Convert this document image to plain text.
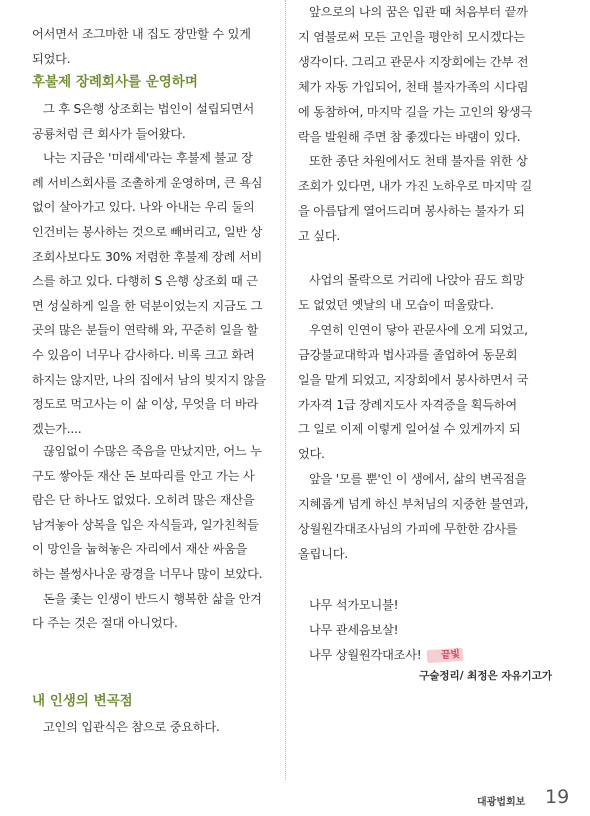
어서면서 조그마한 내 집도 장만할 수 있게

되었다.

후불제 장례회사를 운영하며

그 후 S은행 상조회는 법인이 설립되면서

공룡처럼 큰 회사가 들어왔다.

나는 지금은 '미래세'라는 후불제 불교 장

례 서비스회사를 조촐하게 운영하며, 큰 욕심

없이 살아가고 있다. 나와 아내는 우리 둘의

인건비는 봉사하는 것으로 빼버리고, 일반 상

조회사보다도 30% 저렴한 후불제 장례 서비

스를 하고 있다. 다행히 S 은행 상조회 때 근

면 성실하게 일을 한 덕분이었는지 지금도 그

곳의 많은 분들이 연락해 와, 꾸준히 일을 할

수 있음이 너무나 감사하다. 비록 크고 화려

하지는 않지만, 나의 집에서 남의 빚지지 않을

정도로 먹고사는 이 삶 이상, 무엇을 더 바라

겠는가....

끊임없이 수많은 죽음을 만났지만, 어느 누

구도 쌓아둔 재산 돈 보따리를 안고 가는 사

람은 단 하나도 없었다. 오히려 많은 재산을

남겨놓아 상복을 입은 자식들과, 일가친척들

이 망인을 눕혀놓은 자리에서 재산 싸움을

하는 볼썽사나운 광경을 너무나 많이 보았다.

돈을 좇는 인생이 반드시 행복한 삶을 안겨

다 주는 것은 절대 아니었다.

내 인생의 변곡점

고인의 입관식은 참으로 중요하다.

앞으로의 나의 꿈은 입관 때 처음부터 끝까

지 염불로써 모든 고인을 평안히 모시겠다는

생각이다. 그리고 관문사 지장회에는 간부 전

체가 자동 가입되어, 천태 불자가족의 시다림

에 동참하여, 마지막 길을 가는 고인의 왕생극

락을 발원해 주면 참 좋겠다는 바램이 있다.

또한 종단 차원에서도 천태 불자를 위한 상

조회가 있다면, 내가 가진 노하우로 마지막 길

을 아름답게 열어드리며 봉사하는 불자가 되

고 싶다.

사업의 몰락으로 거리에 나앉아 끔도 희망

도 없었던 옛날의 내 모습이 떠올랐다.

우연히 인연이 닿아 관문사에 오게 되었고,

금강불교대학과 법사과를 졸업하여 동문회

일을 맡게 되었고, 지장회에서 봉사하면서 국

가자격 1급 장례지도사 자격증을 획득하여

그 일로 이제 이렇게 일어설 수 있게까지 되

었다.

앞을 '모를 뿐'인 이 생에서, 삶의 변곡점을

지혜롭게 넘게 하신 부처님의 지중한 불연과,

상월원각대조사님의 가피에 무한한 감사를

올립니다.

나무 석가모니불!

나무 관세음보살!

나무 상월원각대조사! 끝빛

구술정리/ 최정은 자유기고가

대광법회보 19
